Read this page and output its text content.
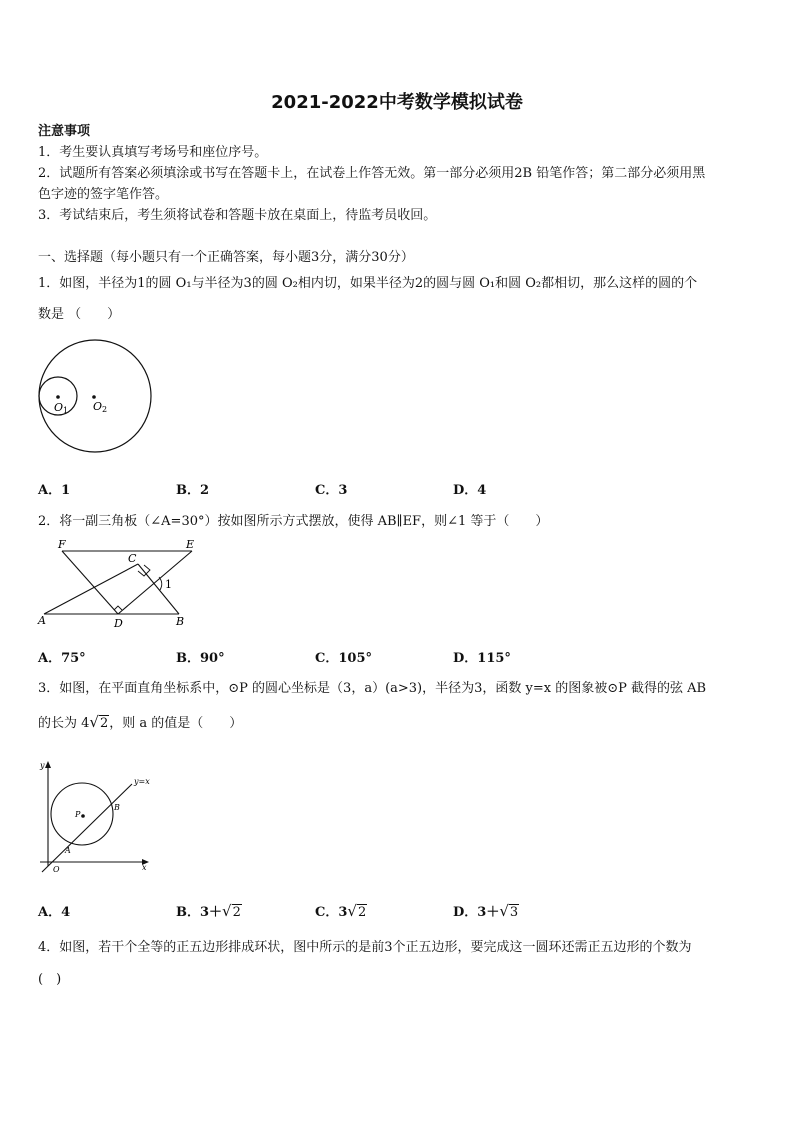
2021-2022中考数学模拟试卷
注意事项
1．考生要认真填写考场号和座位序号。
2．试题所有答案必须填涂或书写在答题卡上，在试卷上作答无效。第一部分必须用2B 铅笔作答；第二部分必须用黑
色字迹的签字笔作答。
3．考试结束后，考生须将试卷和答题卡放在桌面上，待监考员收回。
一、选择题（每小题只有一个正确答案，每小题3分，满分30分）
1．如图，半径为1的圆 O₁与半径为3的圆 O₂相内切，如果半径为2的圆与圆 O₁和圆 O₂都相切，那么这样的圆的个
数是 （　　）
O1 O2
A．1	B．2	C．3	D．4
2．将一副三角板（∠A=30°）按如图所示方式摆放，使得 AB∥EF，则∠1 等于（　　）
F	E
C
1
A	D	B
A．75°	B．90°	C．105°	D．115°
3．如图，在平面直角坐标系中，⊙P 的圆心坐标是（3，a）(a>3)，半径为3，函数 y=x 的图象被⊙P 截得的弦 AB
的长为 4√2，则 a 的值是（　　）
y
y=x
P
B
A
O	x
A．4	B．3＋√2	C．3√2	D．3＋√3
4．如图，若干个全等的正五边形排成环状，图中所示的是前3个正五边形，要完成这一圆环还需正五边形的个数为
(　)
